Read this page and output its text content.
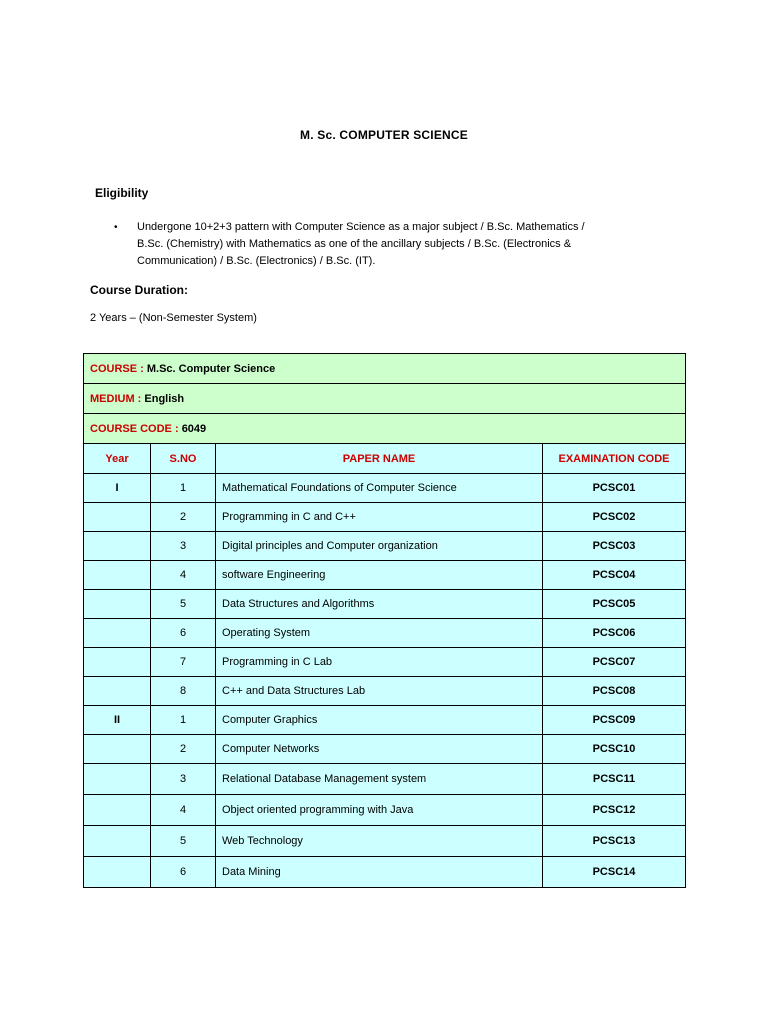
M. Sc. COMPUTER SCIENCE
Eligibility
• Undergone 10+2+3 pattern with Computer Science as a major subject / B.Sc. Mathematics /
B.Sc. (Chemistry) with Mathematics as one of the ancillary subjects / B.Sc. (Electronics &
Communication) / B.Sc. (Electronics) / B.Sc. (IT).
Course Duration:
2 Years – (Non-Semester System)
COURSE : M.Sc. Computer Science			
MEDIUM : English			
COURSE CODE : 6049			
Year	S.NO	PAPER NAME	EXAMINATION CODE
I	1	Mathematical Foundations of Computer Science	PCSC01
	2	Programming in C and C++	PCSC02
	3	Digital principles and Computer organization	PCSC03
	4	software Engineering	PCSC04
	5	Data Structures and Algorithms	PCSC05
	6	Operating System	PCSC06
	7	Programming in C Lab	PCSC07
	8	C++ and Data Structures Lab	PCSC08
II	1	Computer Graphics	PCSC09
	2	Computer Networks	PCSC10
	3	Relational Database Management system	PCSC11
	4	Object oriented programming with Java	PCSC12
	5	Web Technology	PCSC13
	6	Data Mining	PCSC14
